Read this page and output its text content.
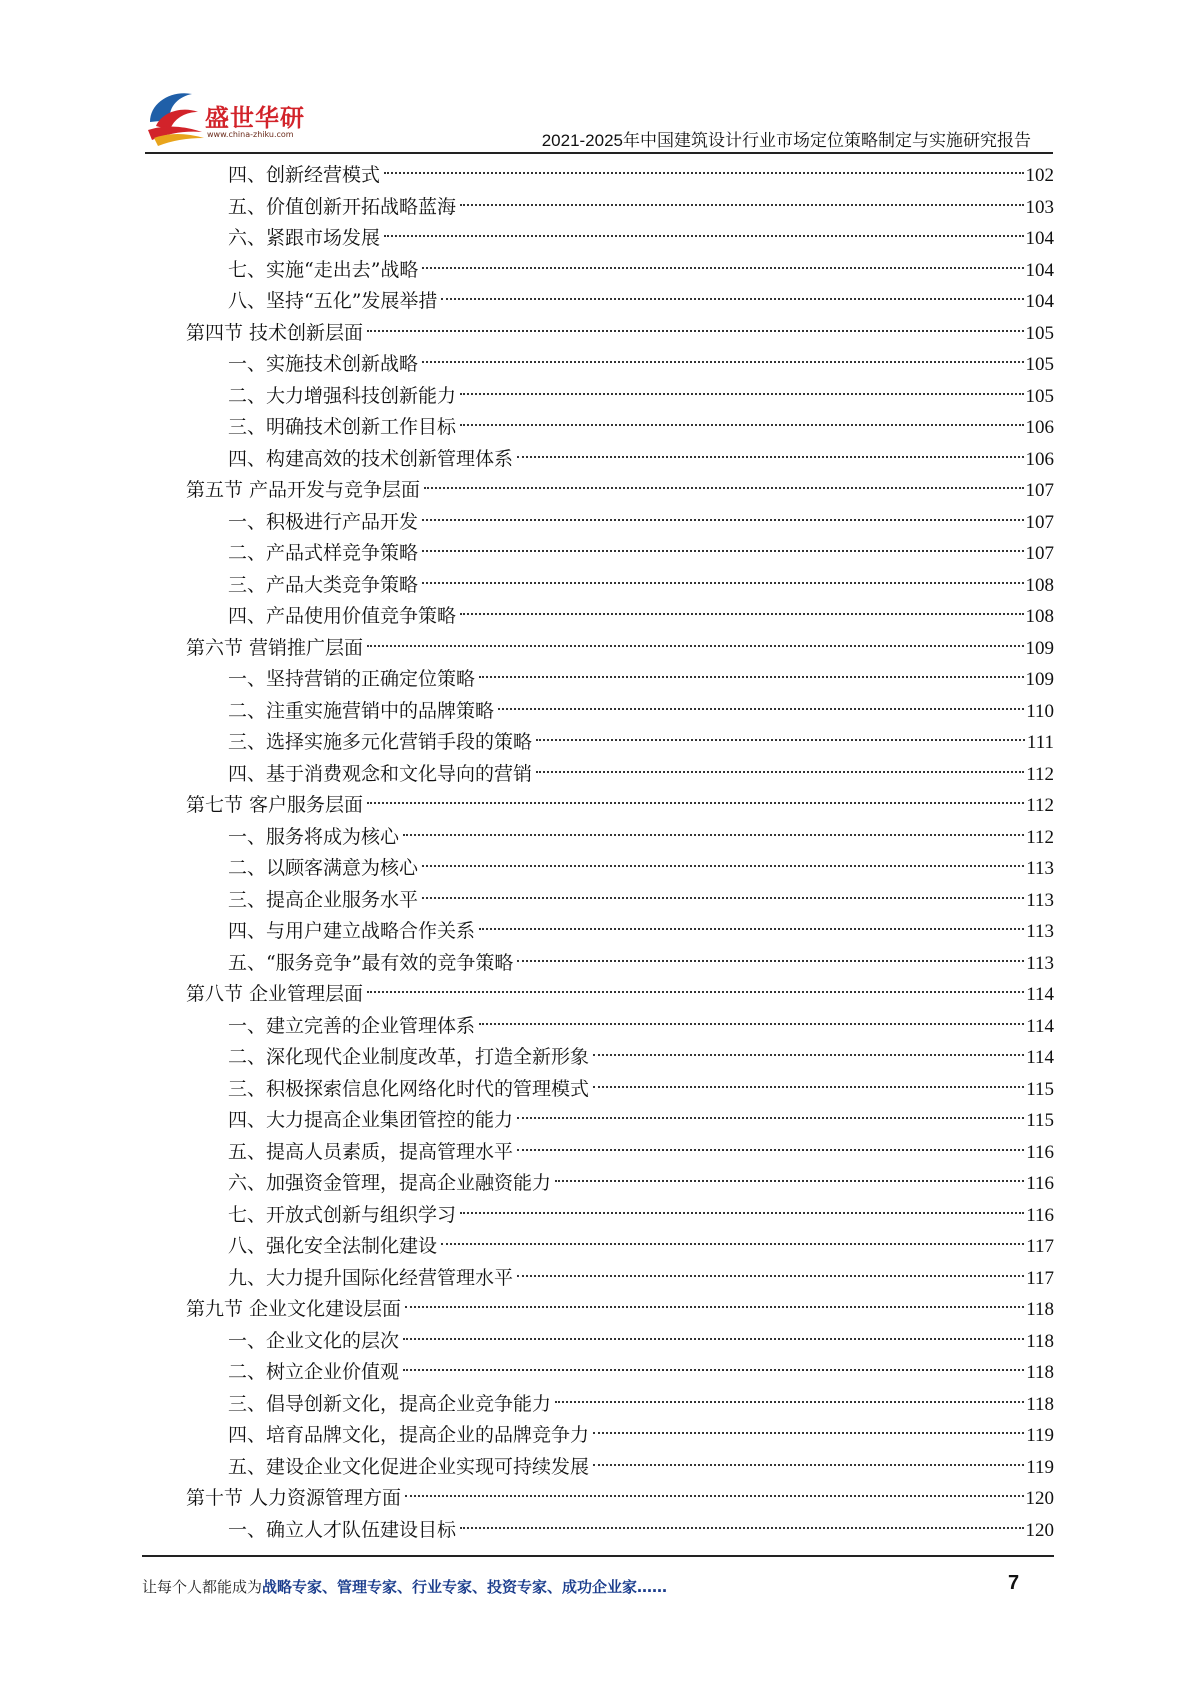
盛世华研
www.china-zhiku.com	2021-2025年中国建筑设计行业市场定位策略制定与实施研究报告
四、创新经营模式	102
五、价值创新开拓战略蓝海	103
六、紧跟市场发展	104
七、实施“走出去”战略	104
八、坚持“五化”发展举措	104
第四节 技术创新层面	105
一、实施技术创新战略	105
二、大力增强科技创新能力	105
三、明确技术创新工作目标	106
四、构建高效的技术创新管理体系	106
第五节 产品开发与竞争层面	107
一、积极进行产品开发	107
二、产品式样竞争策略	107
三、产品大类竞争策略	108
四、产品使用价值竞争策略	108
第六节 营销推广层面	109
一、坚持营销的正确定位策略	109
二、注重实施营销中的品牌策略	110
三、选择实施多元化营销手段的策略	111
四、基于消费观念和文化导向的营销	112
第七节 客户服务层面	112
一、服务将成为核心	112
二、以顾客满意为核心	113
三、提高企业服务水平	113
四、与用户建立战略合作关系	113
五、“服务竞争”最有效的竞争策略	113
第八节 企业管理层面	114
一、建立完善的企业管理体系	114
二、深化现代企业制度改革，打造全新形象	114
三、积极探索信息化网络化时代的管理模式	115
四、大力提高企业集团管控的能力	115
五、提高人员素质，提高管理水平	116
六、加强资金管理，提高企业融资能力	116
七、开放式创新与组织学习	116
八、强化安全法制化建设	117
九、大力提升国际化经营管理水平	117
第九节 企业文化建设层面	118
一、企业文化的层次	118
二、树立企业价值观	118
三、倡导创新文化，提高企业竞争能力	118
四、培育品牌文化，提高企业的品牌竞争力	119
五、建设企业文化促进企业实现可持续发展	119
第十节 人力资源管理方面	120
一、确立人才队伍建设目标	120
让每个人都能成为战略专家、管理专家、行业专家、投资专家、成功企业家……	7
